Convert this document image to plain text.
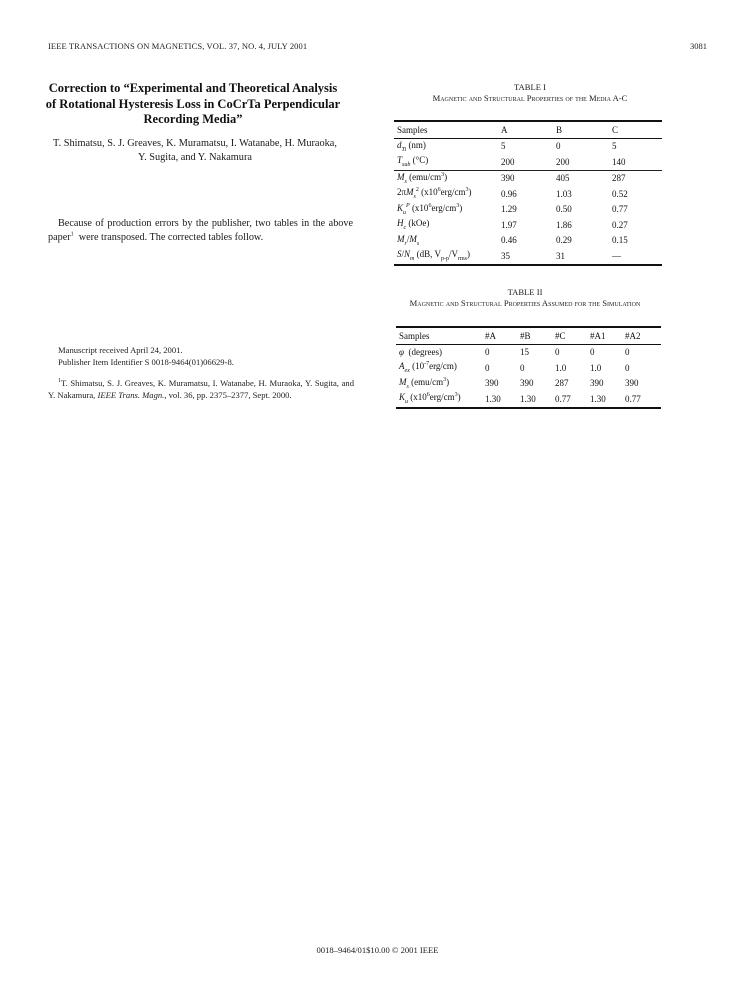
IEEE TRANSACTIONS ON MAGNETICS, VOL. 37, NO. 4, JULY 2001	3081
Correction to “Experimental and Theoretical Analysis
of Rotational Hysteresis Loss in CoCrTa Perpendicular
Recording Media”
T. Shimatsu, S. J. Greaves, K. Muramatsu, I. Watanabe, H. Muraoka,
Y. Sugita, and Y. Nakamura
Because of production errors by the publisher, two tables in the above paper$^1$  were transposed. The corrected tables follow.
Manuscript received April 24, 2001.
Publisher Item Identifier S 0018-9464(01)06629-8.
$^1$T. Shimatsu, S. J. Greaves, K. Muramatsu, I. Watanabe, H. Muraoka, Y. Sugita, and Y. Nakamura, IEEE Trans. Magn., vol. 36, pp. 2375–2377, Sept. 2000.
TABLE I
Magnetic and Structural Properties of the Media A-C
Samples	A	B	C
$d_{Ti}$ (nm)	5	0	5
$T_{sub}$ (°C)	200	200	140
$M_s$ $(emu/cm^3)$	390	405	287
$2\pi M_s^2$ $(x10^6erg/cm^3)$	0.96	1.03	0.52
$K_u^P$ $(x10^6erg/cm^3)$	1.29	0.50	0.77
$H_c$ (kOe)	1.97	1.86	0.27
$M_r/M_s$	0.46	0.29	0.15
$S/N_m$ (dB, $V_{p-p}/V_{rms}$)	35	31	—
TABLE II
Magnetic and Structural Properties Assumed for the Simulation
Samples	#A	#B	#C	#A1	#A2
φ  (degrees)	0	15	0	0	0
$A_{ex}$ $(10^{-7}erg/cm)$	0	0	1.0	1.0	0
$M_s$ $(emu/cm^3)$	390	390	287	390	390
$K_u$ $(x10^6erg/cm^3)$	1.30	1.30	0.77	1.30	0.77
0018–9464/01$10.00 © 2001 IEEE
